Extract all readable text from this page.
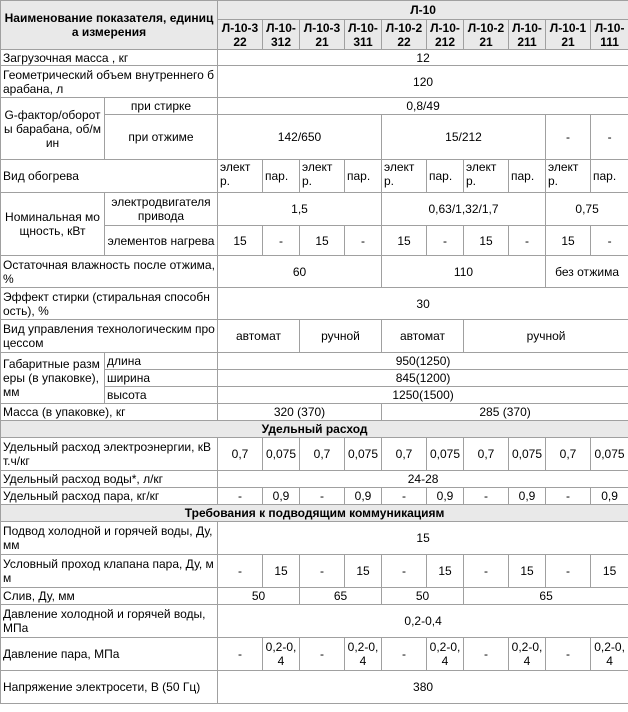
Наименование показателя, единица измерения		Л-10									
		Л-10-322	Л-10-312	Л-10-321	Л-10-311	Л-10-222	Л-10-212	Л-10-221	Л-10-211	Л-10-121	Л-10-111
Загрузочная масса , кг		12									
Геометрический объем внутреннего барабана, л		120									
G-фактор/обороты барабана, об/мин	при стирке	0,8/49									
	при отжиме	142/650				15/212				-	-
Вид обогрева		электр.	пар.	электр.	пар.	электр.	пар.	электр.	пар.	электр.	пар.
Номинальная мощность, кВт	электродвигателя привода	1,5				0,63/1,32/1,7				0,75	
	элементов нагрева	15	-	15	-	15	-	15	-	15	-
Остаточная влажность после отжима, %		60				110				без отжима	
Эффект стирки (стиральная способность), %		30									
Вид управления технологическим процессом		автомат		ручной		автомат		ручной			
Габаритные размеры (в упаковке), мм	длина	950(1250)									
	ширина	845(1200)									
	высота	1250(1500)									
Масса (в упаковке), кг		320 (370)				285 (370)					
Удельный расход											
Удельный расход электроэнергии, кВт.ч/кг		0,7	0,075	0,7	0,075	0,7	0,075	0,7	0,075	0,7	0,075
Удельный расход воды*, л/кг		24-28									
Удельный расход пара, кг/кг		-	0,9	-	0,9	-	0,9	-	0,9	-	0,9
Требования к подводящим коммуникациям											
Подвод холодной и горячей воды, Ду, мм		15									
Условный проход клапана пара, Ду, мм		-	15	-	15	-	15	-	15	-	15
Слив, Ду, мм		50		65		50		65			
Давление холодной и горячей воды, МПа		0,2-0,4									
Давление пара, МПа		-	0,2-0,4	-	0,2-0,4	-	0,2-0,4	-	0,2-0,4	-	0,2-0,4
Напряжение электросети, В (50 Гц)		380									
